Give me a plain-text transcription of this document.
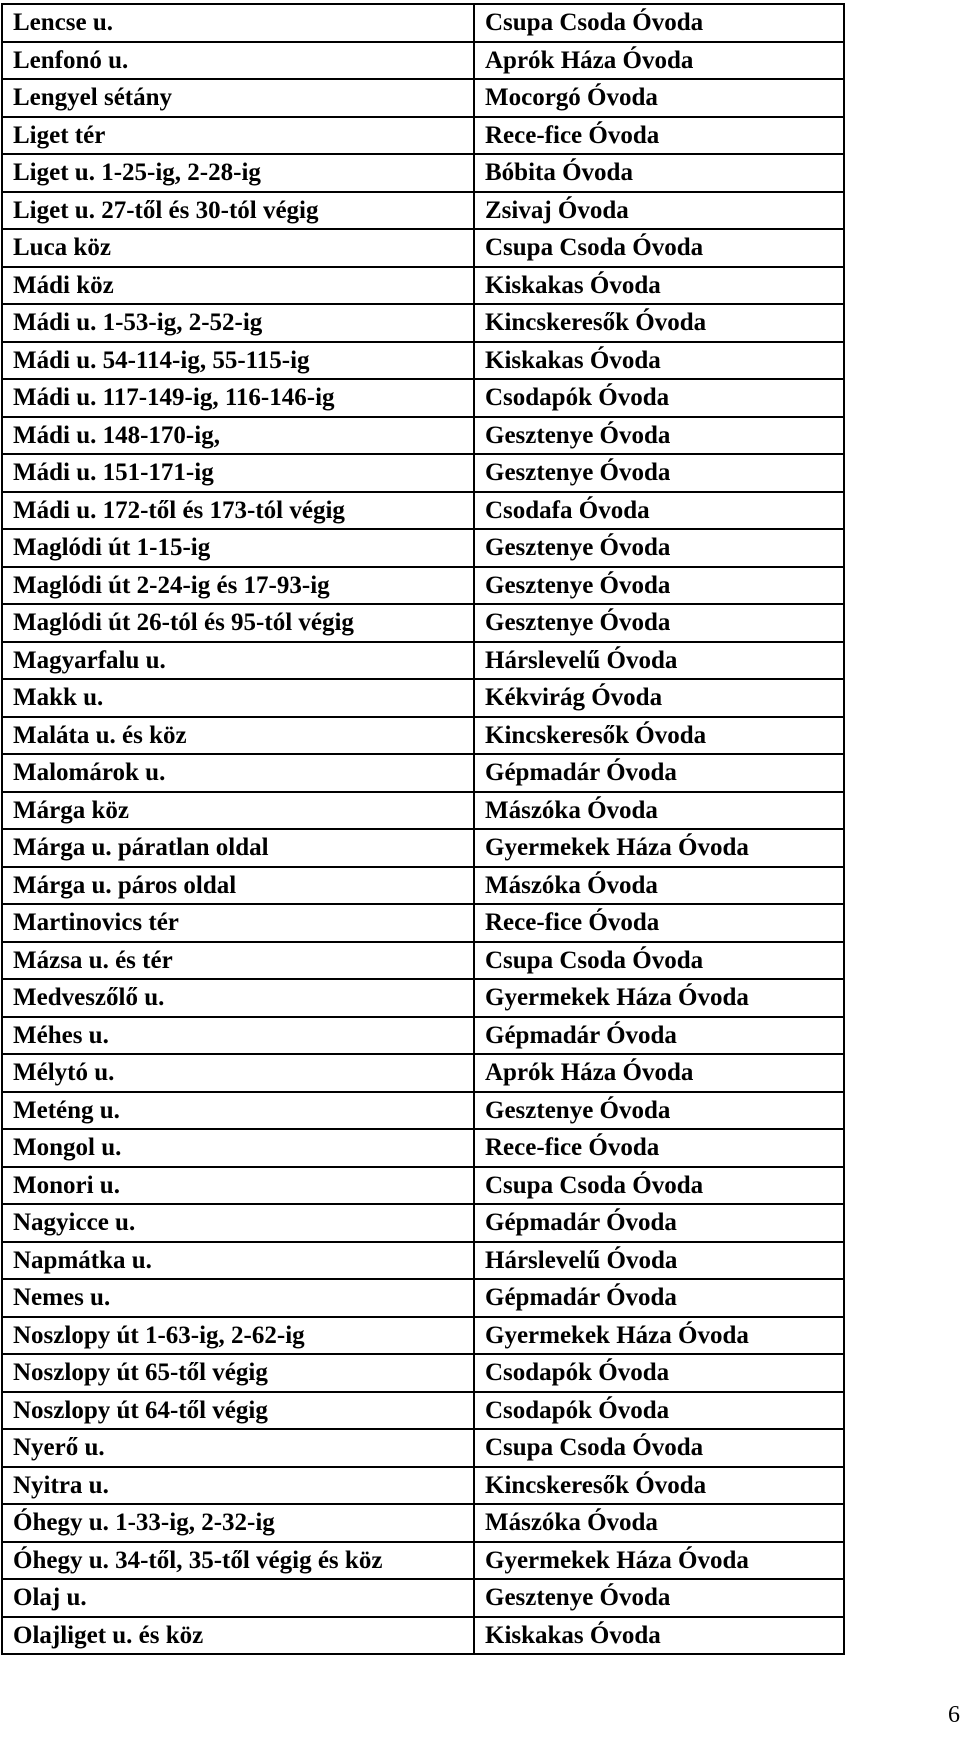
Lencse u.	Csupa Csoda Óvoda
Lenfonó u.	Aprók Háza Óvoda
Lengyel sétány	Mocorgó Óvoda
Liget tér	Rece-fice Óvoda
Liget u. 1-25-ig, 2-28-ig	Bóbita Óvoda
Liget u. 27-től és 30-tól végig	Zsivaj Óvoda
Luca köz	Csupa Csoda Óvoda
Mádi köz	Kiskakas Óvoda
Mádi u. 1-53-ig, 2-52-ig	Kincskeresők Óvoda
Mádi u. 54-114-ig, 55-115-ig	Kiskakas Óvoda
Mádi u. 117-149-ig, 116-146-ig	Csodapók Óvoda
Mádi u. 148-170-ig,	Gesztenye Óvoda
Mádi u. 151-171-ig	Gesztenye Óvoda
Mádi u. 172-től és 173-tól végig	Csodafa Óvoda
Maglódi út 1-15-ig	Gesztenye Óvoda
Maglódi út 2-24-ig és 17-93-ig	Gesztenye Óvoda
Maglódi út 26-tól és 95-tól végig	Gesztenye Óvoda
Magyarfalu u.	Hárslevelű Óvoda
Makk u.	Kékvirág Óvoda
Maláta u. és köz	Kincskeresők Óvoda
Malomárok u.	Gépmadár Óvoda
Márga köz	Mászóka Óvoda
Márga u. páratlan oldal	Gyermekek Háza Óvoda
Márga u. páros oldal	Mászóka Óvoda
Martinovics tér	Rece-fice Óvoda
Mázsa u. és tér	Csupa Csoda Óvoda
Medveszőlő u.	Gyermekek Háza Óvoda
Méhes u.	Gépmadár Óvoda
Mélytó u.	Aprók Háza Óvoda
Meténg u.	Gesztenye Óvoda
Mongol u.	Rece-fice Óvoda
Monori u.	Csupa Csoda Óvoda
Nagyicce u.	Gépmadár Óvoda
Napmátka u.	Hárslevelű Óvoda
Nemes u.	Gépmadár Óvoda
Noszlopy út 1-63-ig, 2-62-ig	Gyermekek Háza Óvoda
Noszlopy út 65-től végig	Csodapók Óvoda
Noszlopy út 64-től végig	Csodapók Óvoda
Nyerő u.	Csupa Csoda Óvoda
Nyitra u.	Kincskeresők Óvoda
Óhegy u. 1-33-ig, 2-32-ig	Mászóka Óvoda
Óhegy u. 34-től, 35-től végig és köz	Gyermekek Háza Óvoda
Olaj u.	Gesztenye Óvoda
Olajliget u. és köz	Kiskakas Óvoda
6
